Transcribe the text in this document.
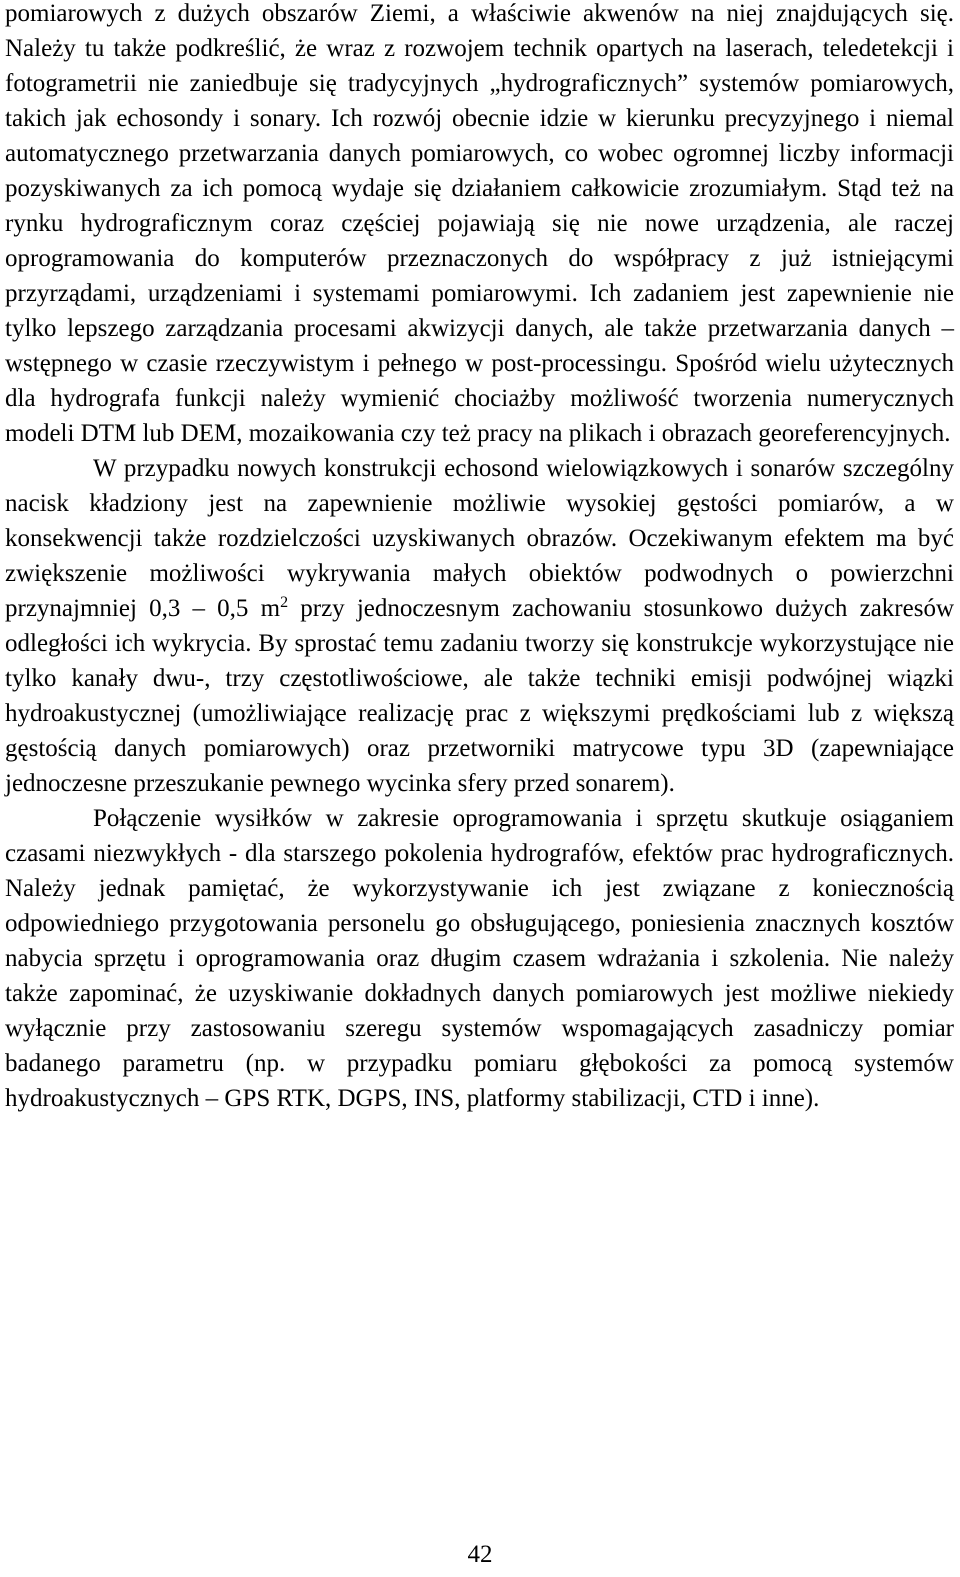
pomiarowych z dużych obszarów Ziemi, a właściwie akwenów na niej znajdujących się. Należy tu także podkreślić, że wraz z rozwojem technik opartych na laserach, teledetekcji i fotogrametrii nie zaniedbuje się tradycyjnych „hydrograficznych” systemów pomiarowych, takich jak echosondy i sonary. Ich rozwój obecnie idzie w kierunku precyzyjnego i niemal automatycznego przetwarzania danych pomiarowych, co wobec ogromnej liczby informacji pozyskiwanych za ich pomocą wydaje się działaniem całkowicie zrozumiałym. Stąd też na rynku hydrograficznym coraz częściej pojawiają się nie nowe urządzenia, ale raczej oprogramowania do komputerów przeznaczonych do współpracy z już istniejącymi przyrządami, urządzeniami i systemami pomiarowymi. Ich zadaniem jest zapewnienie nie tylko lepszego zarządzania procesami akwizycji danych, ale także przetwarzania danych – wstępnego w czasie rzeczywistym i pełnego w post-processingu. Spośród wielu użytecznych dla hydrografa funkcji należy wymienić chociażby możliwość tworzenia numerycznych modeli DTM lub DEM, mozaikowania czy też pracy na plikach i obrazach georeferencyjnych.

W przypadku nowych konstrukcji echosond wielowiązkowych i sonarów szczególny nacisk kładziony jest na zapewnienie możliwie wysokiej gęstości pomiarów, a w konsekwencji także rozdzielczości uzyskiwanych obrazów. Oczekiwanym efektem ma być zwiększenie możliwości wykrywania małych obiektów podwodnych o powierzchni przynajmniej 0,3 – 0,5 $m^2$ przy jednoczesnym zachowaniu stosunkowo dużych zakresów odległości ich wykrycia. By sprostać temu zadaniu tworzy się konstrukcje wykorzystujące nie tylko kanały dwu-, trzy częstotliwościowe, ale także techniki emisji podwójnej wiązki hydroakustycznej (umożliwiające realizację prac z większymi prędkościami lub z większą gęstością danych pomiarowych) oraz przetworniki matrycowe typu 3D (zapewniające jednoczesne przeszukanie pewnego wycinka sfery przed sonarem).

Połączenie wysiłków w zakresie oprogramowania i sprzętu skutkuje osiąganiem czasami niezwykłych - dla starszego pokolenia hydrografów, efektów prac hydrograficznych. Należy jednak pamiętać, że wykorzystywanie ich jest związane z koniecznością odpowiedniego przygotowania personelu go obsługującego, poniesienia znacznych kosztów nabycia sprzętu i oprogramowania oraz długim czasem wdrażania i szkolenia. Nie należy także zapominać, że uzyskiwanie dokładnych danych pomiarowych jest możliwe niekiedy wyłącznie przy zastosowaniu szeregu systemów wspomagających zasadniczy pomiar badanego parametru (np. w przypadku pomiaru głębokości za pomocą systemów hydroakustycznych – GPS RTK, DGPS, INS, platformy stabilizacji, CTD i inne).

42
